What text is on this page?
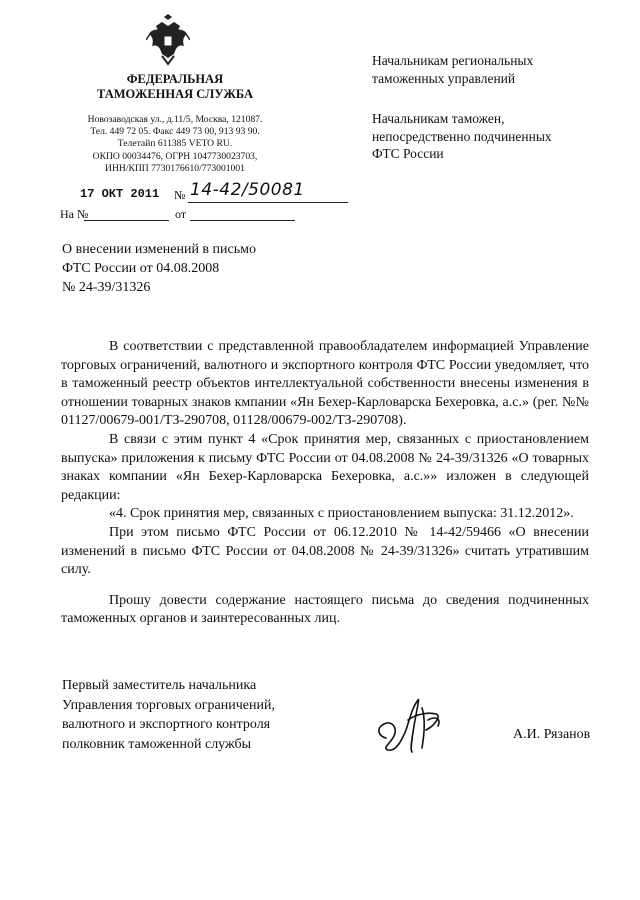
ФЕДЕРАЛЬНАЯ
ТАМОЖЕННАЯ СЛУЖБА
Новозаводская ул., д.11/5, Москва, 121087.
Тел. 449 72 05. Факс 449 73 00, 913 93 90.
Телетайп 611385 VETO RU.
ОКПО 00034476, ОГРН 1047730023703,
ИНН/КПП 7730176610/773001001
17 ОКТ 2011 № 14-42/50081
На №	от
Начальникам региональных
таможенных управлений
Начальникам таможен,
непосредственно подчиненных
ФТС России
О внесении изменений в письмо
ФТС России от 04.08.2008
№ 24-39/31326

В соответствии с представленной правообладателем информацией Управление торговых ограничений, валютного и экспортного контроля ФТС России уведомляет, что в таможенный реестр объектов интеллектуальной собственности внесены изменения в отношении товарных знаков кмпании «Ян Бехер-Карловарска Бехеровка, а.с.» (рег. №№ 01127/00679-001/ТЗ-290708, 01128/00679-002/ТЗ-290708).

В связи с этим пункт 4 «Срок принятия мер, связанных с приостановлением выпуска» приложения к письму ФТС России от 04.08.2008 № 24-39/31326 «О товарных знаках компании «Ян Бехер-Карловарска Бехеровка, а.с.»» изложен в следующей редакции:

«4. Срок принятия мер, связанных с приостановлением выпуска: 31.12.2012».

При этом письмо ФТС России от 06.12.2010 № 14-42/59466 «О внесении изменений в письмо ФТС России от 04.08.2008 № 24-39/31326» считать утратившим силу.

Прошу довести содержание настоящего письма до сведения подчиненных таможенных органов и заинтересованных лиц.

Первый заместитель начальника
Управления торговых ограничений,
валютного и экспортного контроля
полковник таможенной службы
А.И. Рязанов
